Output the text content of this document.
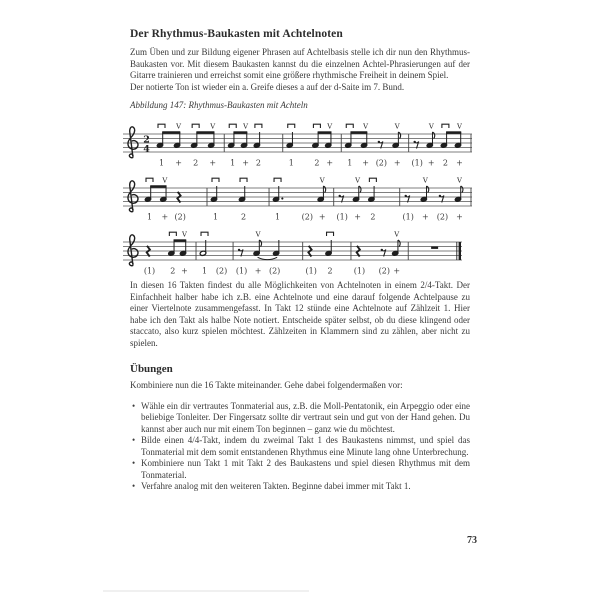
Der Rhythmus-Baukasten mit Achtelnoten

Zum Üben und zur Bildung eigener Phrasen auf Achtelbasis stelle ich dir nun den Rhythmus-Baukasten vor. Mit diesem Baukasten kannst du die einzelnen Achtel-Phrasierungen auf der Gitarre trainieren und erreichst somit eine größere rhythmische Freiheit in deinem Spiel.

Der notierte Ton ist wieder ein a. Greife dieses a auf der d-Saite im 7. Bund.

Abbildung 147: Rhythmus-Baukasten mit Achteln

2
4
V	V
1 + 2 +
V
1 + 2
V
1	2 +
V	V
1 + (2) +
V	V
(1) + 2 +
V
1 + (2)	1	2
V
1	(2) +
V
(1) + 2
V	V
(1) + (2) +
V
(1) 2 + 1 (2)
V
(1) + (2)	(1) 2
V
(1) (2) +

In diesen 16 Takten findest du alle Möglichkeiten von Achtelnoten in einem 2/4-Takt. Der Einfachheit halber habe ich z.B. eine Achtelnote und eine darauf folgende Achtelpause zu einer Viertelnote zusammengefasst. In Takt 12 stünde eine Achtelnote auf Zählzeit 1. Hier habe ich den Takt als halbe Note notiert. Entscheide später selbst, ob du diese klingend oder staccato, also kurz spielen möchtest. Zählzeiten in Klammern sind zu zählen, aber nicht zu spielen.

Übungen

Kombiniere nun die 16 Takte miteinander. Gehe dabei folgendermaßen vor:

• Wähle ein dir vertrautes Tonmaterial aus, z.B. die Moll-Pentatonik, ein Arpeggio oder eine beliebige Tonleiter. Der Fingersatz sollte dir vertraut sein und gut von der Hand gehen. Du kannst aber auch nur mit einem Ton beginnen – ganz wie du möchtest.
• Bilde einen 4/4-Takt, indem du zweimal Takt 1 des Baukastens nimmst, und spiel das Tonmaterial mit dem somit entstandenen Rhythmus eine Minute lang ohne Unterbrechung.
• Kombiniere nun Takt 1 mit Takt 2 des Baukastens und spiel diesen Rhythmus mit dem Tonmaterial.
• Verfahre analog mit den weiteren Takten. Beginne dabei immer mit Takt 1.
73
